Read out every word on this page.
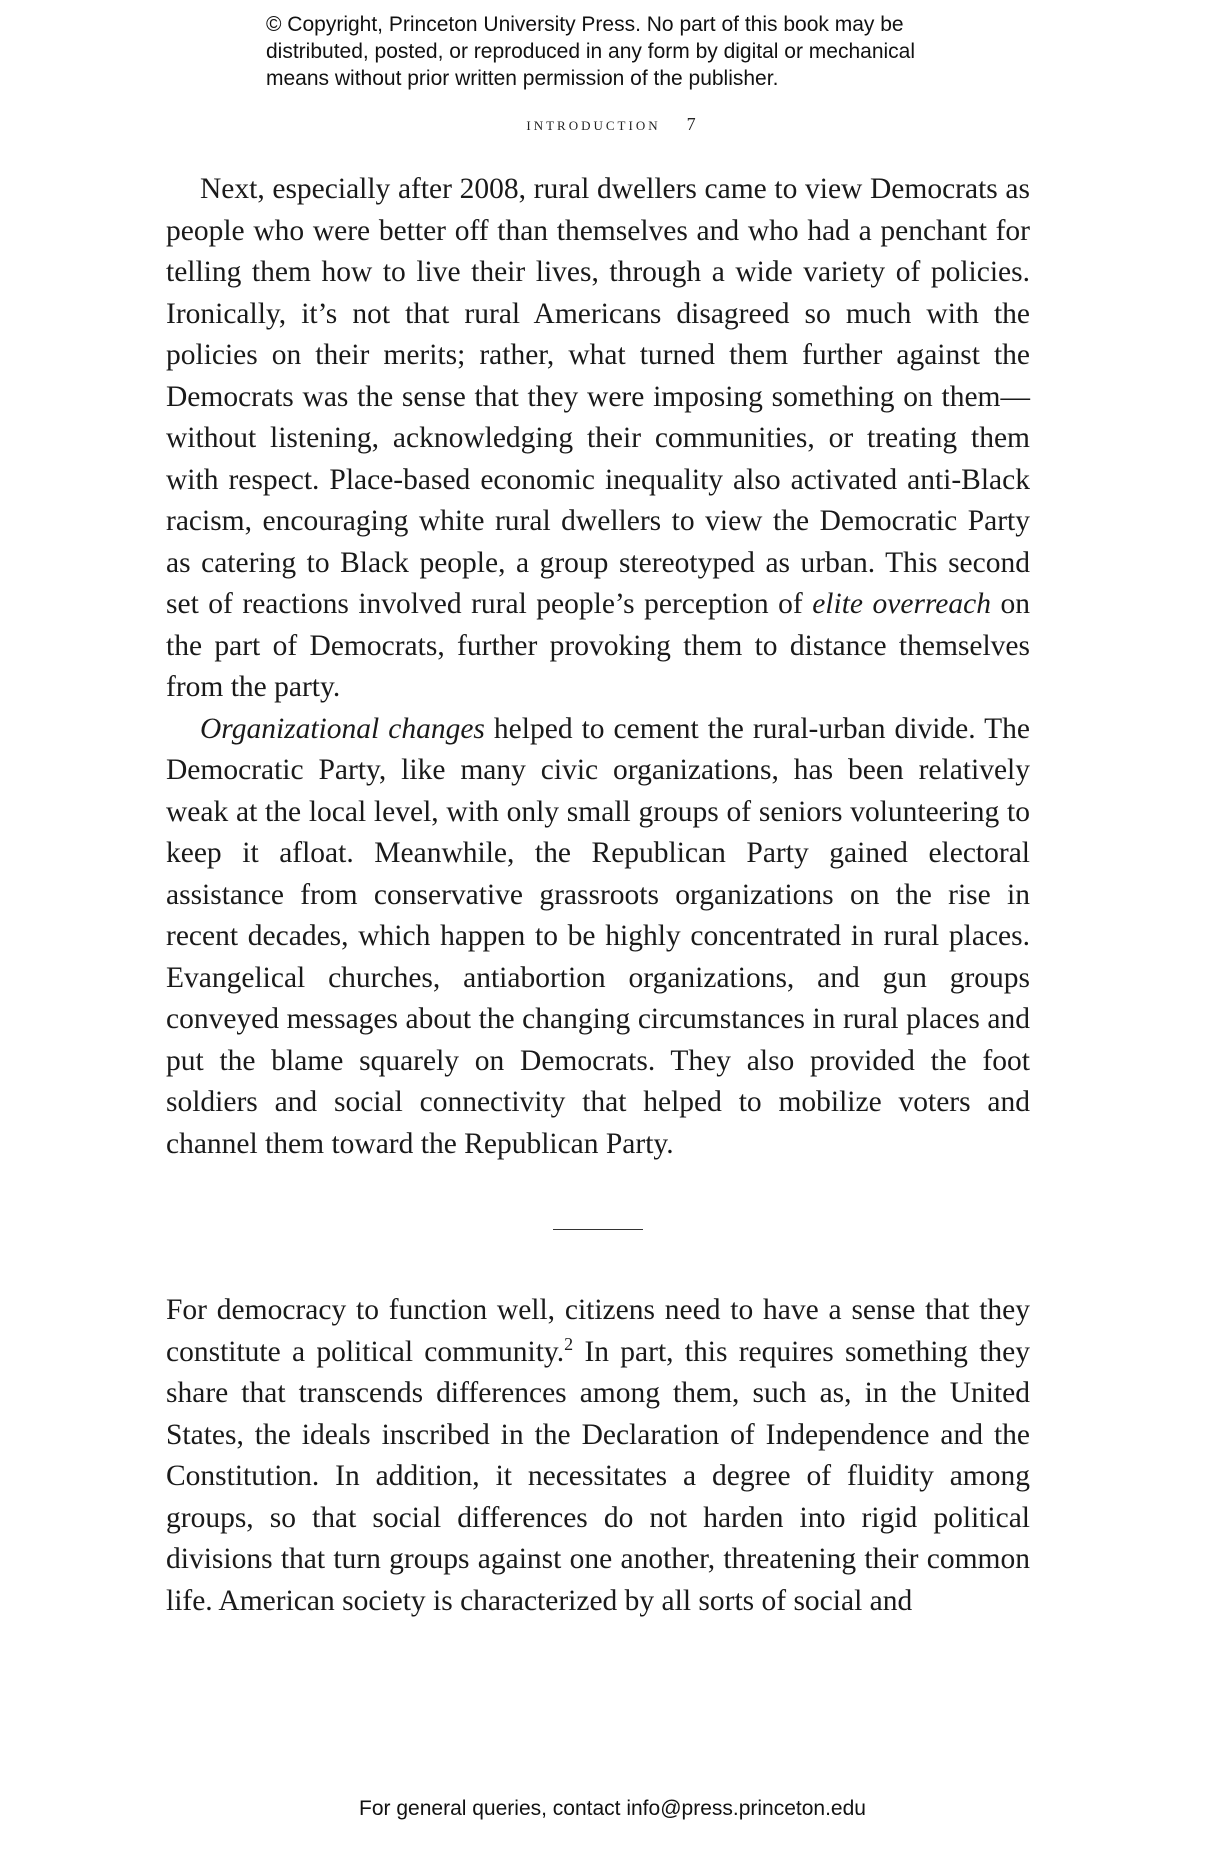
© Copyright, Princeton University Press. No part of this book may be
distributed, posted, or reproduced in any form by digital or mechanical
means without prior written permission of the publisher.
introduction 7

Next, especially after 2008, rural dwellers came to view Democrats as people who were better off than themselves and who had a penchant for telling them how to live their lives, through a wide variety of policies. Ironically, it’s not that rural Americans disagreed so much with the policies on their merits; rather, what turned them further against the Democrats was the sense that they were imposing something on them—without listening, acknowledging their communities, or treating them with respect. Place-based economic inequality also activated anti-Black racism, encouraging white rural dwellers to view the Democratic Party as catering to Black people, a group stereotyped as urban. This second set of reactions involved rural people’s perception of elite overreach on the part of Democrats, further provoking them to distance themselves from the party.

Organizational changes helped to cement the rural-urban divide. The Democratic Party, like many civic organizations, has been relatively weak at the local level, with only small groups of seniors volunteering to keep it afloat. Meanwhile, the Republican Party gained electoral assistance from conservative grassroots organizations on the rise in recent decades, which happen to be highly concentrated in rural places. Evangelical churches, antiabortion organizations, and gun groups conveyed messages about the changing circumstances in rural places and put the blame squarely on Democrats. They also provided the foot soldiers and social connectivity that helped to mobilize voters and channel them toward the Republican Party.

For democracy to function well, citizens need to have a sense that they constitute a political community.$^2$ In part, this requires something they share that transcends differences among them, such as, in the United States, the ideals inscribed in the Declaration of Independence and the Constitution. In addition, it necessitates a degree of fluidity among groups, so that social differences do not harden into rigid political divisions that turn groups against one another, threatening their common life. American society is characterized by all sorts of social and

For general queries, contact info@press.princeton.edu
